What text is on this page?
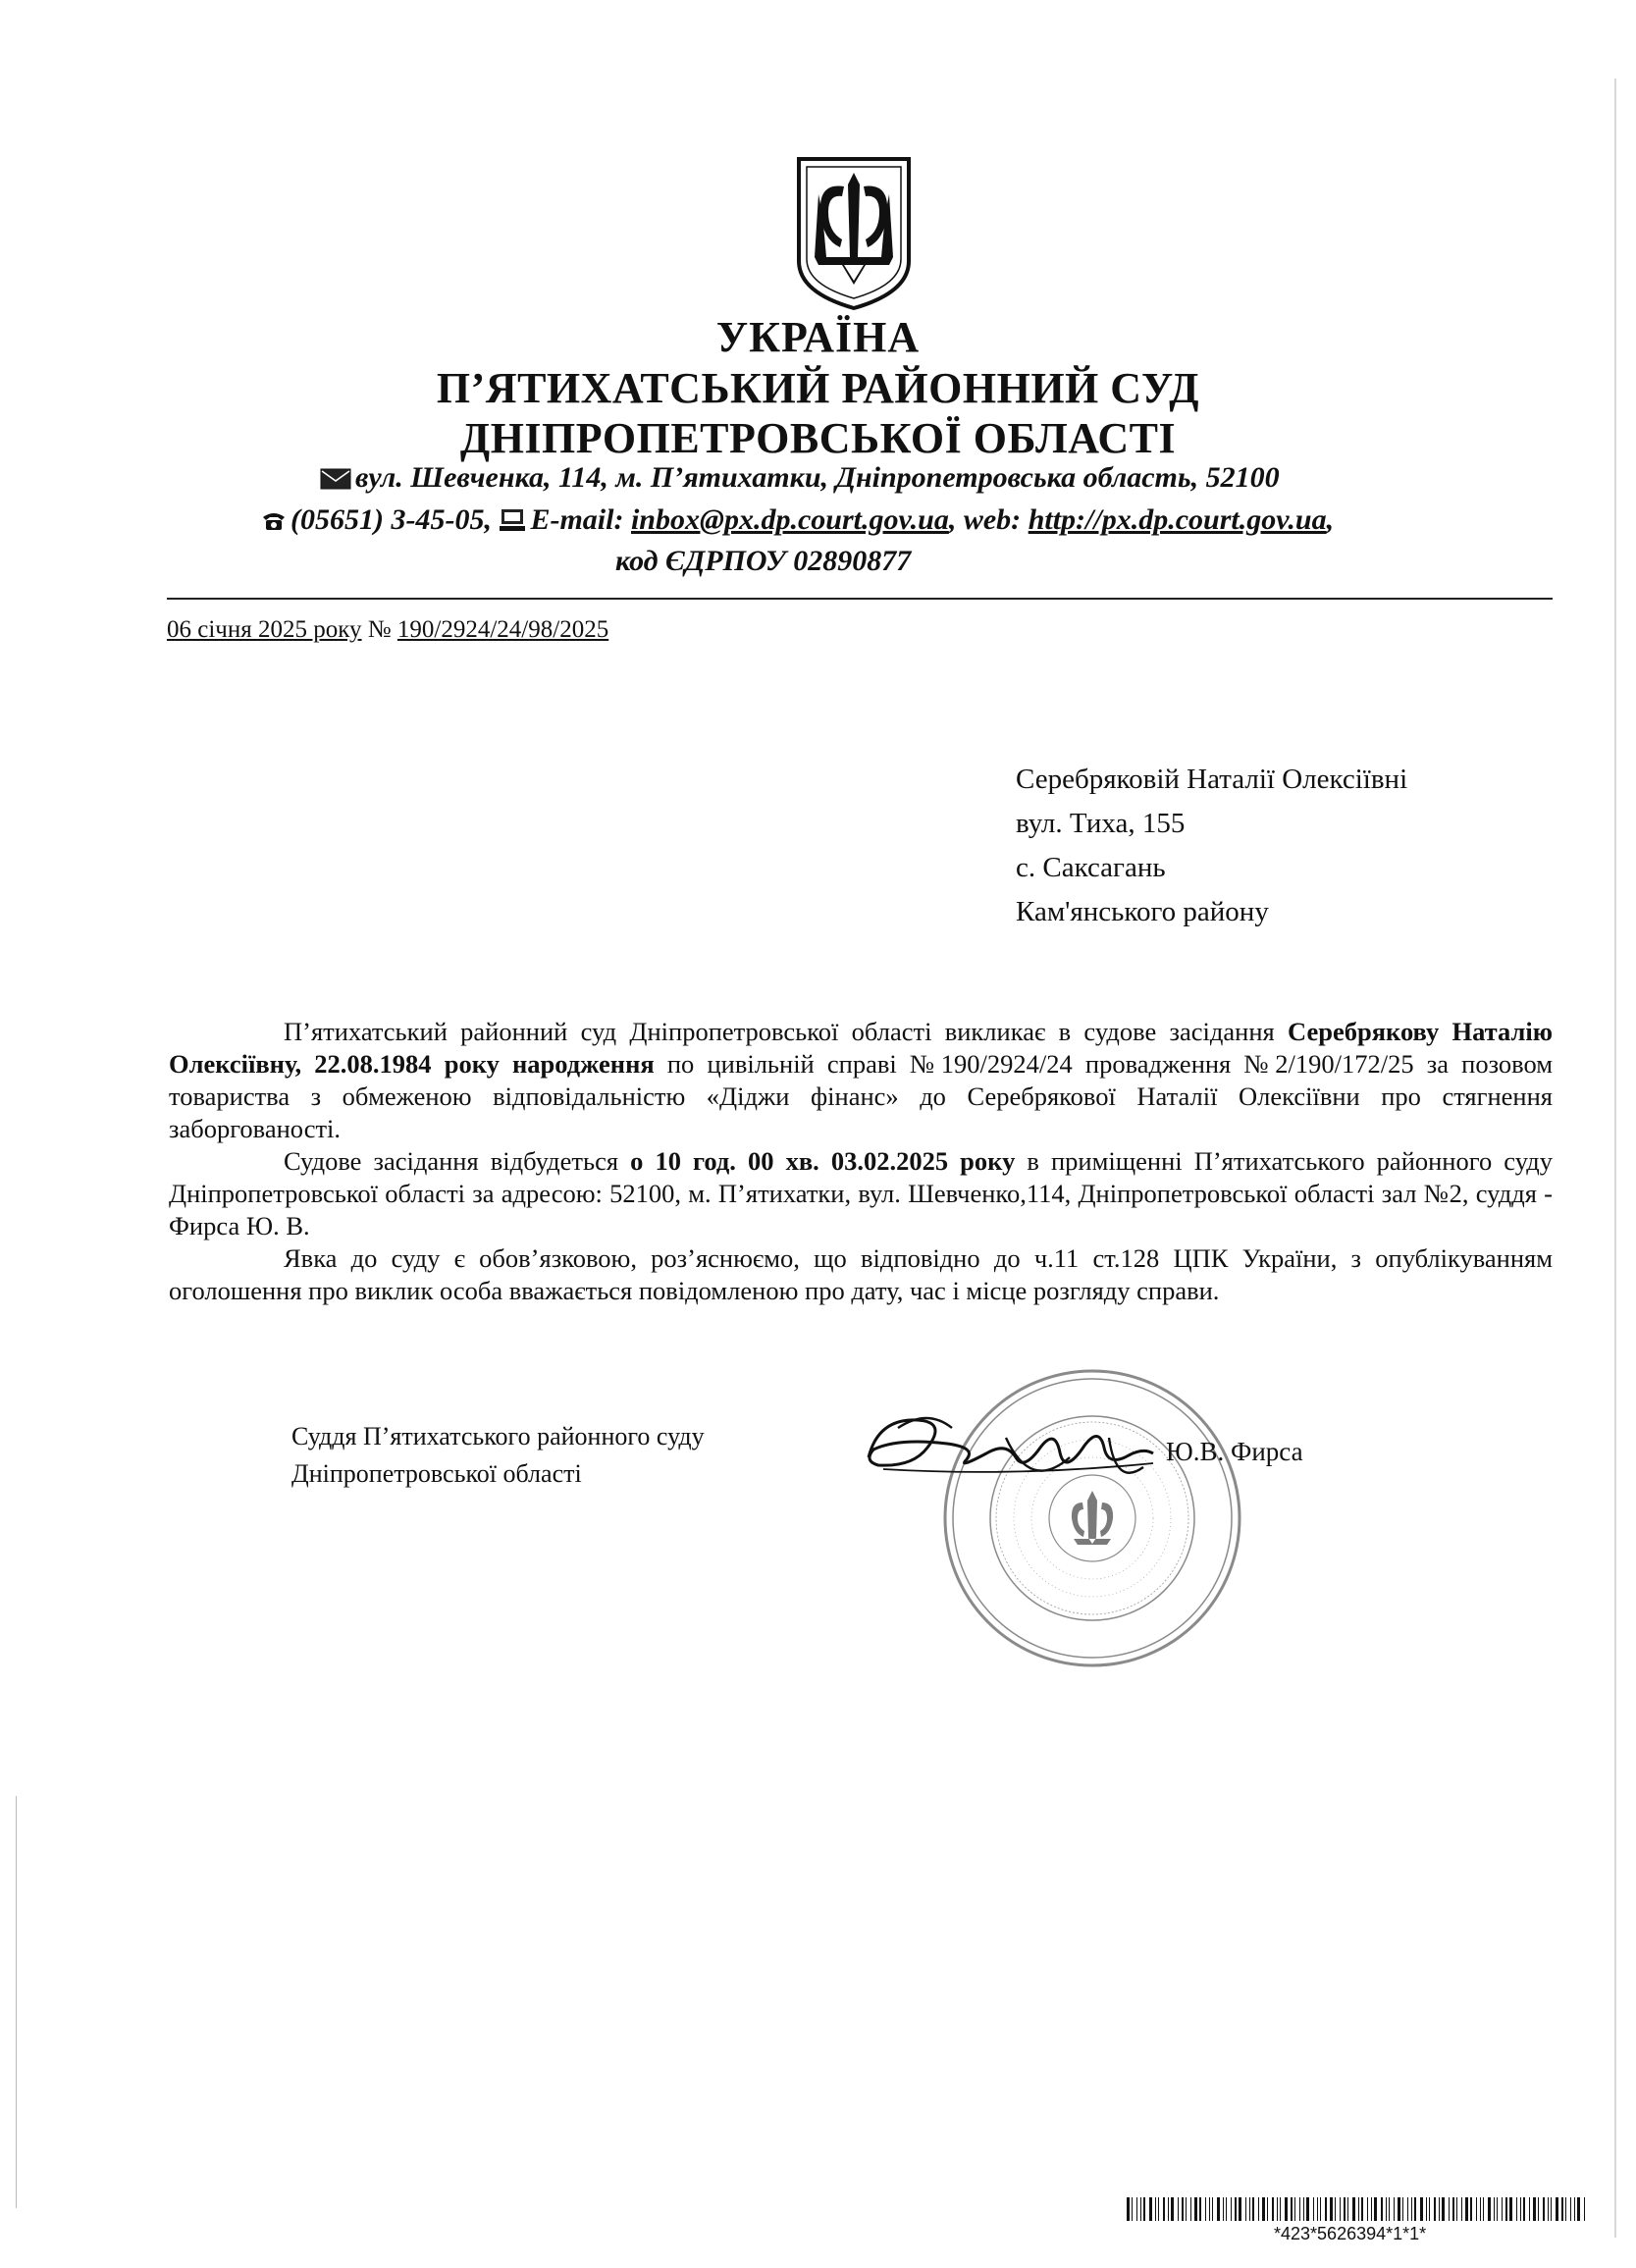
УКРАЇНА
П’ЯТИХАТСЬКИЙ РАЙОННИЙ СУД
ДНІПРОПЕТРОВСЬКОЇ ОБЛАСТІ
вул. Шевченка, 114, м. П’ятихатки, Дніпропетровська область, 52100
(05651) 3-45-05, E-mail: inbox@px.dp.court.gov.ua, web: http://px.dp.court.gov.ua,
код ЄДРПОУ 02890877
06 січня 2025 року № 190/2924/24/98/2025
Серебряковій Наталії Олексіївні
вул. Тиха, 155
с. Саксагань
Кам'янського району

П’ятихатський районний суд Дніпропетровської області викликає в судове засідання Серебрякову Наталію Олексіївну, 22.08.1984 року народження по цивільній справі №190/2924/24 провадження №2/190/172/25 за позовом товариства з обмеженою відповідальністю «Діджи фінанс» до Серебрякової Наталії Олексіївни про стягнення заборгованості.

Судове засідання відбудеться о 10 год. 00 хв. 03.02.2025 року в приміщенні П’ятихатського районного суду Дніпропетровської області за адресою: 52100, м. П’ятихатки, вул. Шевченко,114, Дніпропетровської області зал №2, суддя - Фирса Ю. В.

Явка до суду є обов’язковою, роз’яснюємо, що відповідно до ч.11 ст.128 ЦПК України, з опублікуванням оголошення про виклик особа вважається повідомленою про дату, час і місце розгляду справи.

Суддя П’ятихатського районного суду
Дніпропетровської області
Ю.В. Фирса
*423*5626394*1*1*
